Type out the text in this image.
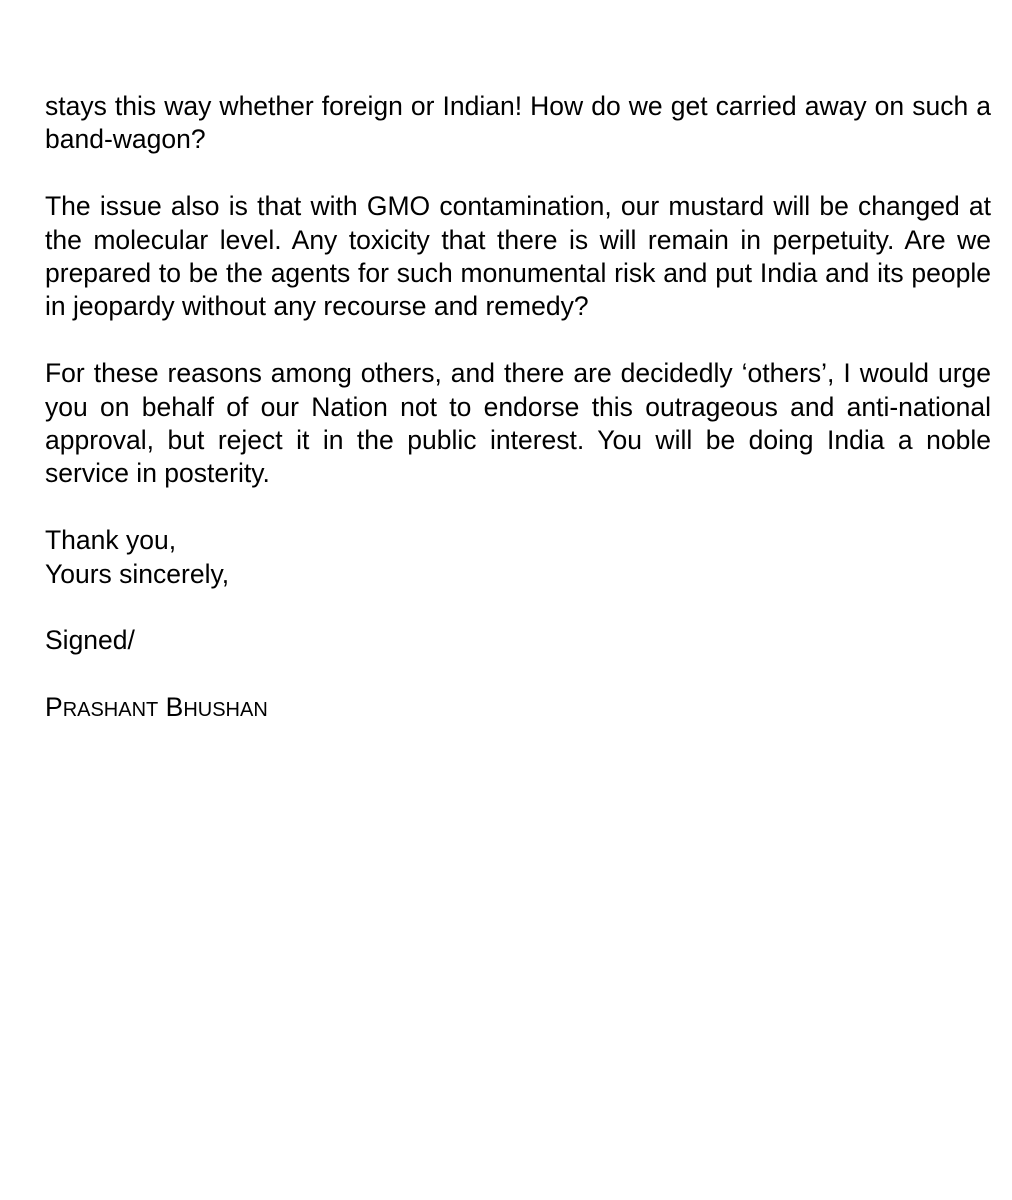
stays this way whether foreign or Indian! How do we get carried away on such a band-wagon?

The issue also is that with GMO contamination, our mustard will be changed at the molecular level. Any toxicity that there is will remain in perpetuity. Are we prepared to be the agents for such monumental risk and put India and its people in jeopardy without any recourse and remedy?

For these reasons among others, and there are decidedly ‘others’, I would urge you on behalf of our Nation not to endorse this outrageous and anti-national approval, but reject it in the public interest. You will be doing India a noble service in posterity.

Thank you,
Yours sincerely,
Signed/
PRASHANT BHUSHAN
